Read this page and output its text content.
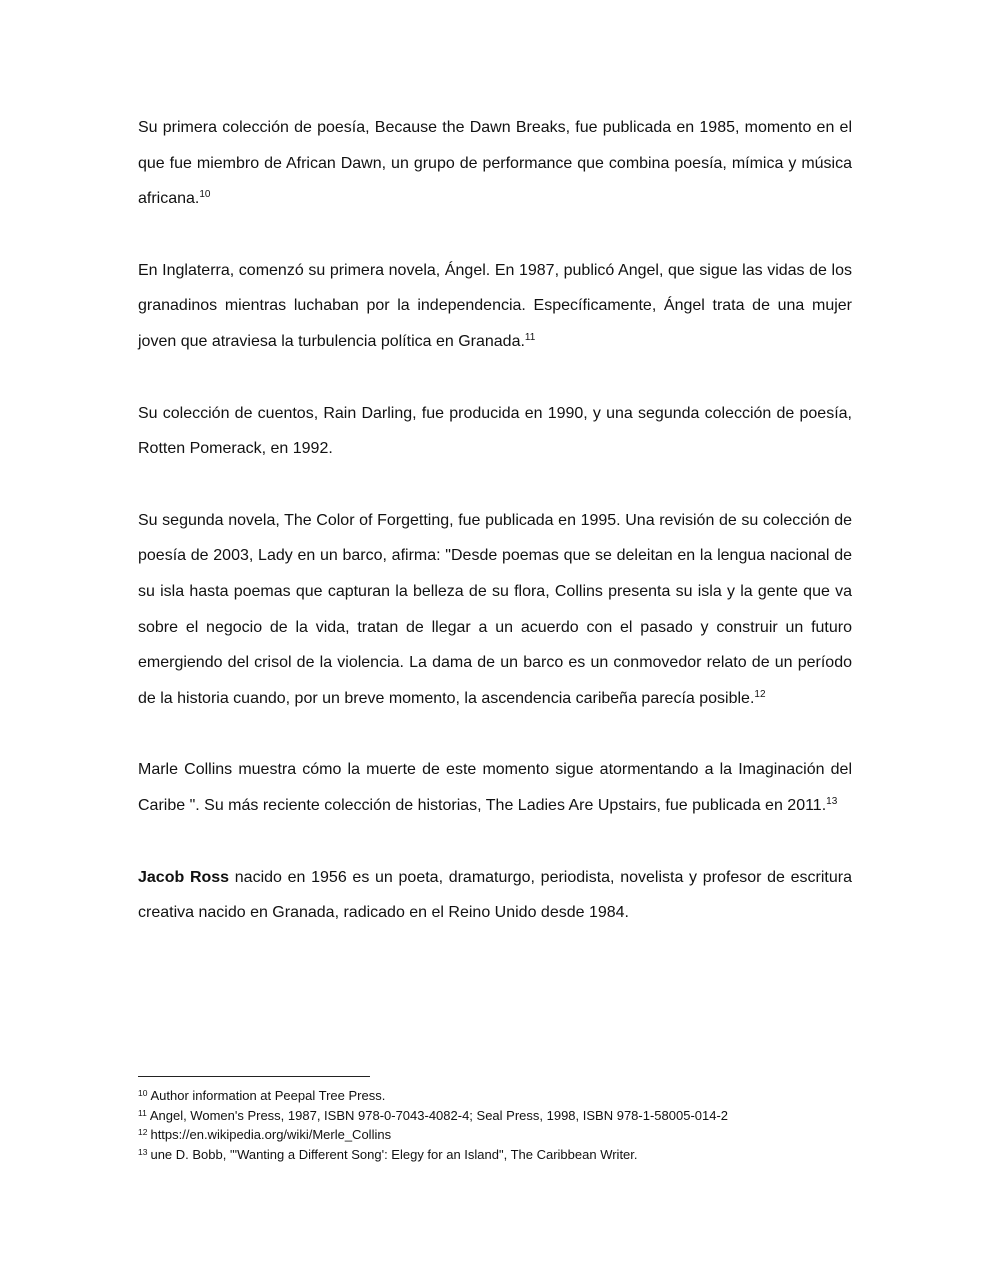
Su primera colección de poesía, Because the Dawn Breaks, fue publicada en 1985, momento en el que fue miembro de African Dawn, un grupo de performance que combina poesía, mímica y música africana.$^{10}$

En Inglaterra, comenzó su primera novela, Ángel. En 1987, publicó Angel, que sigue las vidas de los granadinos mientras luchaban por la independencia. Específicamente, Ángel trata de una mujer joven que atraviesa la turbulencia política en Granada.$^{11}$

Su colección de cuentos, Rain Darling, fue producida en 1990, y una segunda colección de poesía, Rotten Pomerack, en 1992.

Su segunda novela, The Color of Forgetting, fue publicada en 1995. Una revisión de su colección de poesía de 2003, Lady en un barco, afirma: "Desde poemas que se deleitan en la lengua nacional de su isla hasta poemas que capturan la belleza de su flora, Collins presenta su isla y la gente que va sobre el negocio de la vida, tratan de llegar a un acuerdo con el pasado y construir un futuro emergiendo del crisol de la violencia. La dama de un barco es un conmovedor relato de un período de la historia cuando, por un breve momento, la ascendencia caribeña parecía posible.$^{12}$

Marle Collins muestra cómo la muerte de este momento sigue atormentando a la Imaginación del Caribe ". Su más reciente colección de historias, The Ladies Are Upstairs, fue publicada en 2011.13

Jacob Ross nacido en 1956 es un poeta, dramaturgo, periodista, novelista y profesor de escritura creativa nacido en Granada, radicado en el Reino Unido desde 1984.

$^{10}$ Author information at Peepal Tree Press.
$^{11}$ Angel, Women's Press, 1987, ISBN 978-0-7043-4082-4; Seal Press, 1998, ISBN 978-1-58005-014-2
$^{12}$ https://en.wikipedia.org/wiki/Merle_Collins
$^{13}$ une D. Bobb, "'Wanting a Different Song': Elegy for an Island", The Caribbean Writer.
